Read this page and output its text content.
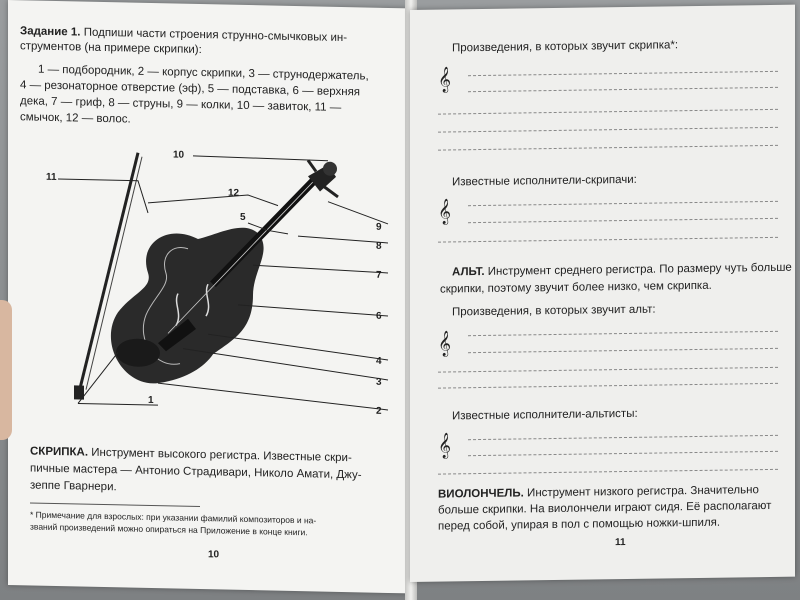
Задание 1. Подпиши части строения струнно-смычковых ин-
струментов (на примере скрипки):
1 — подбородник, 2 — корпус скрипки, 3 — струнодержатель,
4 — резонаторное отверстие (эф), 5 — подставка, 6 — верхняя
дека, 7 — гриф, 8 — струны, 9 — колки, 10 — завиток, 11 —
смычок, 12 — волос.
10
11
12
5
9
8
7
6
4
3
2
1
СКРИПКА. Инструмент высокого регистра. Известные скри-
пичные мастера — Антонио Страдивари, Николо Амати, Джу-
зеппе Гварнери.
* Примечание для взрослых: при указании фамилий композиторов и на-
званий произведений можно опираться на Приложение в конце книги.
10
Произведения, в которых звучит скрипка*:
𝄞
Известные исполнители-скрипачи:
𝄞
АЛЬТ. Инструмент среднего регистра. По размеру чуть больше
скрипки, поэтому звучит более низко, чем скрипка.
Произведения, в которых звучит альт:
𝄞
Известные исполнители-альтисты:
𝄞
ВИОЛОНЧЕЛЬ. Инструмент низкого регистра. Значительно
больше скрипки. На виолончели играют сидя. Её располагают
перед собой, упирая в пол с помощью ножки-шпиля.
11
